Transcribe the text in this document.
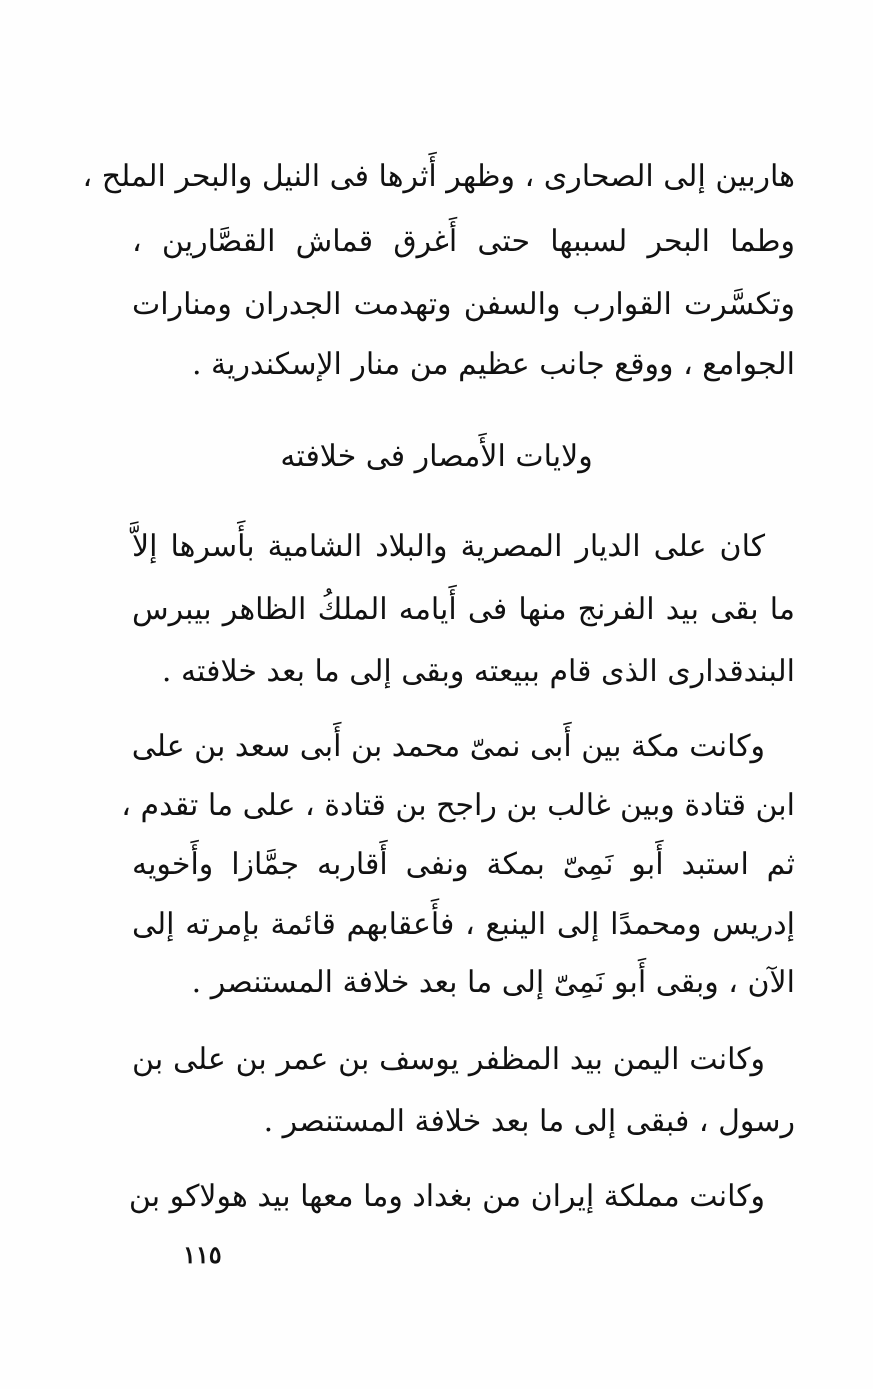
هاربين إلى الصحارى ، وظهر أَثرها فى النيل والبحر الملح ،
وطما البحر لسببها حتى أَغرق قماش القصَّارين ،
وتكسَّرت القوارب والسفن وتهدمت الجدران ومنارات
الجوامع ، ووقع جانب عظيم من منار الإسكندرية .
ولايات الأَمصار فى خلافته
كان على الديار المصرية والبلاد الشامية بأَسرها إلاَّ
ما بقى بيد الفرنج منها فى أَيامه الملكُ الظاهر بيبرس
البندقدارى الذى قام ببيعته وبقى إلى ما بعد خلافته .
وكانت مكة بين أَبى نمىّ محمد بن أَبى سعد بن على
ابن قتادة وبين غالب بن راجح بن قتادة ، على ما تقدم ،
ثم استبد أَبو نَمِىّ بمكة ونفى أَقاربه جمَّازا وأَخويه
إدريس ومحمدًا إلى الينبع ، فأَعقابهم قائمة بإمرته إلى
الآن ، وبقى أَبو نَمِىّ إلى ما بعد خلافة المستنصر .
وكانت اليمن بيد المظفر يوسف بن عمر بن على بن
رسول ، فبقى إلى ما بعد خلافة المستنصر .
وكانت مملكة إيران من بغداد وما معها بيد هولاكو بن
١١٥
